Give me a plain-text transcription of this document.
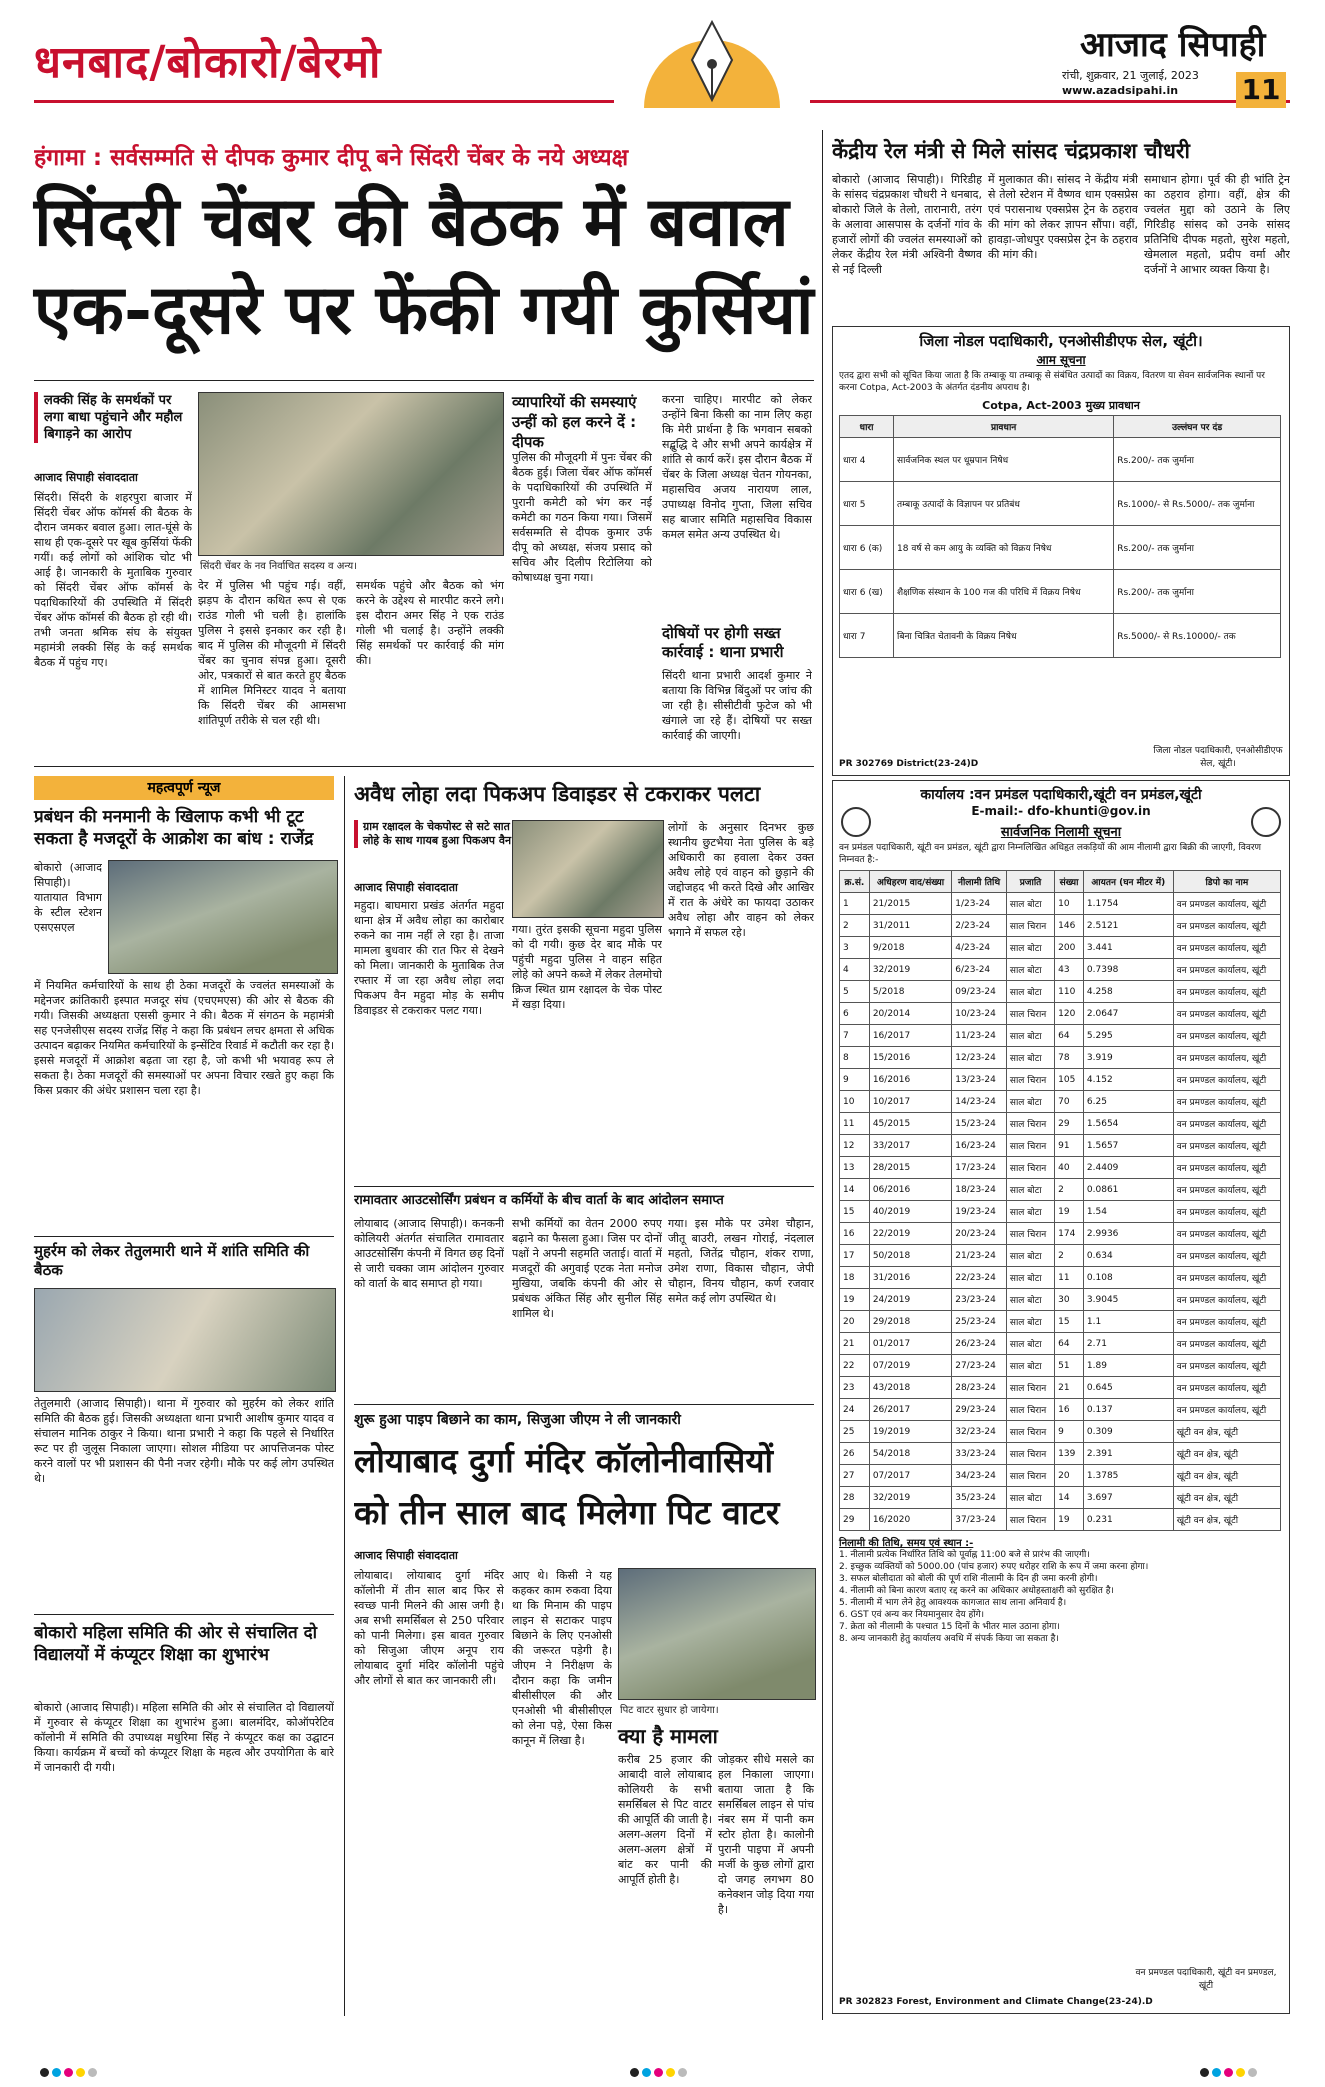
धनबाद/बोकारो/बेरमो	आजाद सिपाही
रांची, शुक्रवार, 21 जुलाई, 2023
www.azadsipahi.in 11
हंगामा : सर्वसम्मति से दीपक कुमार दीपू बने सिंदरी चेंबर के नये अध्यक्ष
सिंदरी चेंबर की बैठक में बवाल
एक-दूसरे पर फेंकी गयी कुर्सियां
लक्की सिंह के समर्थकों पर लगा बाधा पहुंचाने और महौल बिगाड़ने का आरोप
आजाद सिपाही संवाददाता
सिंदरी। सिंदरी के शहरपुरा बाजार में सिंदरी चेंबर ऑफ कॉमर्स की बैठक के दौरान जमकर बवाल हुआ। लात-घूंसे के साथ ही एक-दूसरे पर खूब कुर्सियां फेंकी गयीं। कई लोगों को आंशिक चोट भी आई है। जानकारी के मुताबिक गुरुवार को सिंदरी चेंबर ऑफ कॉमर्स के पदाधिकारियों की उपस्थिति में सिंदरी चेंबर ऑफ कॉमर्स की बैठक हो रही थी। तभी जनता श्रमिक संघ के संयुक्त महामंत्री लक्की सिंह के कई समर्थक बैठक में पहुंच गए।
सिंदरी चेंबर के नव निर्वाचित सदस्य व अन्य।
देर में पुलिस भी पहुंच गई। वहीं, झड़प के दौरान कथित रूप से एक राउंड गोली भी चली है। हालांकि पुलिस ने इससे इनकार कर रही है। बाद में पुलिस की मौजूदगी में सिंदरी चेंबर का चुनाव संपन्न हुआ। दूसरी ओर, पत्रकारों से बात करते हुए बैठक में शामिल मिनिस्टर यादव ने बताया कि सिंदरी चेंबर की आमसभा शांतिपूर्ण तरीके से चल रही थी।
समर्थक पहुंचे और बैठक को भंग करने के उद्देश्य से मारपीट करने लगे। इस दौरान अमर सिंह ने एक राउंड गोली भी चलाई है। उन्होंने लक्की सिंह समर्थकों पर कार्रवाई की मांग की।
व्यापारियों की समस्याएं उन्हीं को हल करने दें : दीपक
पुलिस की मौजूदगी में पुनः चेंबर की बैठक हुई। जिला चेंबर ऑफ कॉमर्स के पदाधिकारियों की उपस्थिति में पुरानी कमेटी को भंग कर नई कमेटी का गठन किया गया। जिसमें सर्वसम्मति से दीपक कुमार उर्फ दीपू को अध्यक्ष, संजय प्रसाद को सचिव और दिलीप रिटोलिया को कोषाध्यक्ष चुना गया।
करना चाहिए। मारपीट को लेकर उन्होंने बिना किसी का नाम लिए कहा कि मेरी प्रार्थना है कि भगवान सबको सद्बुद्धि दे और सभी अपने कार्यक्षेत्र में शांति से कार्य करें। इस दौरान बैठक में चेंबर के जिला अध्यक्ष चेतन गोयनका, महासचिव अजय नारायण लाल, उपाध्यक्ष विनोद गुप्ता, जिला सचिव सह बाजार समिति महासचिव विकास कमल समेत अन्य उपस्थित थे।
दोषियों पर होगी सख्त कार्रवाई : थाना प्रभारी
सिंदरी थाना प्रभारी आदर्श कुमार ने बताया कि विभिन्न बिंदुओं पर जांच की जा रही है। सीसीटीवी फुटेज को भी खंगाले जा रहे हैं। दोषियों पर सख्त कार्रवाई की जाएगी।
महत्वपूर्ण न्यूज
प्रबंधन की मनमानी के खिलाफ कभी भी टूट सकता है मजदूरों के आक्रोश का बांध : राजेंद्र
बोकारो (आजाद सिपाही)। यातायात विभाग के स्टील स्टेशन एसएसएल
में नियमित कर्मचारियों के साथ ही ठेका मजदूरों के ज्वलंत समस्याओं के मद्देनजर क्रांतिकारी इस्पात मजदूर संघ (एचएमएस) की ओर से बैठक की गयी। जिसकी अध्यक्षता एससी कुमार ने की। बैठक में संगठन के महामंत्री सह एनजेसीएस सदस्य राजेंद्र सिंह ने कहा कि प्रबंधन लचर क्षमता से अधिक उत्पादन बढ़ाकर नियमित कर्मचारियों के इन्सेंटिव रिवार्ड में कटौती कर रहा है। इससे मजदूरों में आक्रोश बढ़ता जा रहा है, जो कभी भी भयावह रूप ले सकता है। ठेका मजदूरों की समस्याओं पर अपना विचार रखते हुए कहा कि किस प्रकार की अंधेर प्रशासन चला रहा है।
मुहर्रम को लेकर तेतुलमारी थाने में शांति समिति की बैठक
तेतुलमारी (आजाद सिपाही)। थाना में गुरुवार को मुहर्रम को लेकर शांति समिति की बैठक हुई। जिसकी अध्यक्षता थाना प्रभारी आशीष कुमार यादव व संचालन मानिक ठाकुर ने किया। थाना प्रभारी ने कहा कि पहले से निर्धारित रूट पर ही जुलूस निकाला जाएगा। सोशल मीडिया पर आपत्तिजनक पोस्ट करने वालों पर भी प्रशासन की पैनी नजर रहेगी। मौके पर कई लोग उपस्थित थे।
बोकारो महिला समिति की ओर से संचालित दो विद्यालयों में कंप्यूटर शिक्षा का शुभारंभ
बोकारो (आजाद सिपाही)। महिला समिति की ओर से संचालित दो विद्यालयों में गुरुवार से कंप्यूटर शिक्षा का शुभारंभ हुआ। बालमंदिर, कोऑपरेटिव कॉलोनी में समिति की उपाध्यक्ष मधुरिमा सिंह ने कंप्यूटर कक्ष का उद्घाटन किया। कार्यक्रम में बच्चों को कंप्यूटर शिक्षा के महत्व और उपयोगिता के बारे में जानकारी दी गयी।
अवैध लोहा लदा पिकअप डिवाइडर से टकराकर पलटा
ग्राम रक्षादल के चेकपोस्ट से सटे सात लोहे के साथ गायब हुआ पिकअप वैन
आजाद सिपाही संवाददाता
महुदा। बाघमारा प्रखंड अंतर्गत महुदा थाना क्षेत्र में अवैध लोहा का कारोबार रुकने का नाम नहीं ले रहा है। ताजा मामला बुधवार की रात फिर से देखने को मिला। जानकारी के मुताबिक तेज रफ्तार में जा रहा अवैध लोहा लदा पिकअप वैन महुदा मोड़ के समीप डिवाइडर से टकराकर पलट गया।
गया। तुरंत इसकी सूचना महुदा पुलिस को दी गयी। कुछ देर बाद मौके पर पहुंची महुदा पुलिस ने वाहन सहित लोहे को अपने कब्जे में लेकर तेलमोचो क्रिज स्थित ग्राम रक्षादल के चेक पोस्ट में खड़ा दिया।
लोगों के अनुसार दिनभर कुछ स्थानीय छुटभैया नेता पुलिस के बड़े अधिकारी का हवाला देकर उक्त अवैध लोहे एवं वाहन को छुड़ाने की जद्दोजहद भी करते दिखे और आखिर में रात के अंधेरे का फायदा उठाकर अवैध लोहा और वाहन को लेकर भगाने में सफल रहे।
रामावतार आउटसोर्सिंग प्रबंधन व कर्मियों के बीच वार्ता के बाद आंदोलन समाप्त
लोयाबाद (आजाद सिपाही)। कनकनी कोलियरी अंतर्गत संचालित रामावतार आउटसोर्सिंग कंपनी में विगत छह दिनों से जारी चक्का जाम आंदोलन गुरुवार को वार्ता के बाद समाप्त हो गया।
सभी कर्मियों का वेतन 2000 रुपए बढ़ाने का फैसला हुआ। जिस पर दोनों पक्षों ने अपनी सहमति जताई। वार्ता में मजदूरों की अगुवाई एटक नेता मनोज मुखिया, जबकि कंपनी की ओर से प्रबंधक अंकित सिंह और सुनील सिंह शामिल थे।
गया। इस मौके पर उमेश चौहान, जीतू बाउरी, लखन गोराई, नंदलाल महतो, जितेंद्र चौहान, शंकर राणा, उमेश राणा, विकास चौहान, जेपी चौहान, विनय चौहान, कर्ण रजवार समेत कई लोग उपस्थित थे।
शुरू हुआ पाइप बिछाने का काम, सिजुआ जीएम ने ली जानकारी
लोयाबाद दुर्गा मंदिर कॉलोनीवासियों
को तीन साल बाद मिलेगा पिट वाटर
आजाद सिपाही संवाददाता
लोयाबाद। लोयाबाद दुर्गा मंदिर कॉलोनी में तीन साल बाद फिर से स्वच्छ पानी मिलने की आस जगी है। अब सभी समर्सिबल से 250 परिवार को पानी मिलेगा। इस बावत गुरुवार को सिजुआ जीएम अनूप राय लोयाबाद दुर्गा मंदिर कॉलोनी पहुंचे और लोगों से बात कर जानकारी ली।
आए थे। किसी ने यह कहकर काम रुकवा दिया था कि मिनाम की पाइप लाइन से सटाकर पाइप बिछाने के लिए एनओसी की जरूरत पड़ेगी है। जीएम ने निरीक्षण के दौरान कहा कि जमीन बीसीसीएल की और एनओसी भी बीसीसीएल को लेना पड़े, ऐसा किस कानून में लिखा है।
पिट वाटर सुधार हो जायेगा।
क्या है मामला
करीब 25 हजार की आबादी वाले लोयाबाद कोलियरी के सभी समर्सिबल से पिट वाटर की आपूर्ति की जाती है। अलग-अलग दिनों में अलग-अलग क्षेत्रों में बांट कर पानी की आपूर्ति होती है।
जोड़कर सीधे मसले का हल निकाला जाएगा। बताया जाता है कि समर्सिबल लाइन से पांच नंबर सम में पानी कम स्टोर होता है। कालोनी पुरानी पाइपा में अपनी मर्जी के कुछ लोगों द्वारा दो जगह लगभग 80 कनेक्शन जोड़ दिया गया है।
केंद्रीय रेल मंत्री से मिले सांसद चंद्रप्रकाश चौधरी
बोकारो (आजाद सिपाही)। गिरिडीह के सांसद चंद्रप्रकाश चौधरी ने धनबाद, बोकारो जिले के तेलो, तारानारी, तरंग के अलावा आसपास के दर्जनों गांव के हजारों लोगों की ज्वलंत समस्याओं को लेकर केंद्रीय रेल मंत्री अश्विनी वैष्णव से नई दिल्ली
में मुलाकात की। सांसद ने केंद्रीय मंत्री से तेलो स्टेशन में वैष्णव धाम एक्सप्रेस एवं परासनाथ एक्सप्रेस ट्रेन के ठहराव की मांग को लेकर ज्ञापन सौंपा। वहीं, हावड़ा-जोधपुर एक्सप्रेस ट्रेन के ठहराव की मांग की।
समाधान होगा। पूर्व की ही भांति ट्रेन का ठहराव होगा। वहीं, क्षेत्र की ज्वलंत मुद्दा को उठाने के लिए गिरिडीह सांसद को उनके सांसद प्रतिनिधि दीपक महतो, सुरेश महतो, खेमलाल महतो, प्रदीप वर्मा और दर्जनों ने आभार व्यक्त किया है।
जिला नोडल पदाधिकारी, एनओसीडीएफ सेल, खूंटी।
आम सूचना
एतद द्वारा सभी को सूचित किया जाता है कि तम्बाकू या तम्बाकू से संबंधित उत्पादों का विक्रय, वितरण या सेवन सार्वजनिक स्थानों पर करना Cotpa, Act-2003 के अंतर्गत दंडनीय अपराध है।
Cotpa, Act-2003 मुख्य प्रावधान
धारा	प्रावधान	उल्लंघन पर दंड
धारा 4	सार्वजनिक स्थल पर धूम्रपान निषेध	Rs.200/- तक जुर्माना
धारा 5	तम्बाकू उत्पादों के विज्ञापन पर प्रतिबंध	Rs.1000/- से Rs.5000/- तक जुर्माना
धारा 6 (क)	18 वर्ष से कम आयु के व्यक्ति को विक्रय निषेध	Rs.200/- तक जुर्माना
धारा 6 (ख)	शैक्षणिक संस्थान के 100 गज की परिधि में विक्रय निषेध	Rs.200/- तक जुर्माना
धारा 7	बिना चित्रित चेतावनी के विक्रय निषेध	Rs.5000/- से Rs.10000/- तक
PR 302769 District(23-24)D
जिला नोडल पदाधिकारी, एनओसीडीएफ सेल, खूंटी।
कार्यालय :वन प्रमंडल पदाधिकारी,खूंटी वन प्रमंडल,खूंटी
E-mail:- dfo-khunti@gov.in
सार्वजनिक निलामी सूचना
वन प्रमंडल पदाधिकारी, खूंटी वन प्रमंडल, खूंटी द्वारा निम्नलिखित अधिहृत लकड़ियों की आम नीलामी द्वारा बिक्री की जाएगी, विवरण निम्नवत है:-
क्र.सं.	अधिहरण वाद/संख्या	नीलामी तिथि	प्रजाति	संख्या	आयतन (घन मीटर में)	डिपो का नाम
1	21/2015	1/23-24	साल बोटा	10	1.1754	वन प्रमण्डल कार्यालय, खूंटी
2	31/2011	2/23-24	साल चिरान	146	2.5121	वन प्रमण्डल कार्यालय, खूंटी
3	9/2018	4/23-24	साल बोटा	200	3.441	वन प्रमण्डल कार्यालय, खूंटी
4	32/2019	6/23-24	साल बोटा	43	0.7398	वन प्रमण्डल कार्यालय, खूंटी
5	5/2018	09/23-24	साल बोटा	110	4.258	वन प्रमण्डल कार्यालय, खूंटी
6	20/2014	10/23-24	साल चिरान	120	2.0647	वन प्रमण्डल कार्यालय, खूंटी
7	16/2017	11/23-24	साल बोटा	64	5.295	वन प्रमण्डल कार्यालय, खूंटी
8	15/2016	12/23-24	साल बोटा	78	3.919	वन प्रमण्डल कार्यालय, खूंटी
9	16/2016	13/23-24	साल चिरान	105	4.152	वन प्रमण्डल कार्यालय, खूंटी
10	10/2017	14/23-24	साल बोटा	70	6.25	वन प्रमण्डल कार्यालय, खूंटी
11	45/2015	15/23-24	साल चिरान	29	1.5654	वन प्रमण्डल कार्यालय, खूंटी
12	33/2017	16/23-24	साल चिरान	91	1.5657	वन प्रमण्डल कार्यालय, खूंटी
13	28/2015	17/23-24	साल चिरान	40	2.4409	वन प्रमण्डल कार्यालय, खूंटी
14	06/2016	18/23-24	साल बोटा	2	0.0861	वन प्रमण्डल कार्यालय, खूंटी
15	40/2019	19/23-24	साल बोटा	19	1.54	वन प्रमण्डल कार्यालय, खूंटी
16	22/2019	20/23-24	साल चिरान	174	2.9936	वन प्रमण्डल कार्यालय, खूंटी
17	50/2018	21/23-24	साल बोटा	2	0.634	वन प्रमण्डल कार्यालय, खूंटी
18	31/2016	22/23-24	साल बोटा	11	0.108	वन प्रमण्डल कार्यालय, खूंटी
19	24/2019	23/23-24	साल बोटा	30	3.9045	वन प्रमण्डल कार्यालय, खूंटी
20	29/2018	25/23-24	साल बोटा	15	1.1	वन प्रमण्डल कार्यालय, खूंटी
21	01/2017	26/23-24	साल बोटा	64	2.71	वन प्रमण्डल कार्यालय, खूंटी
22	07/2019	27/23-24	साल बोटा	51	1.89	वन प्रमण्डल कार्यालय, खूंटी
23	43/2018	28/23-24	साल चिरान	21	0.645	वन प्रमण्डल कार्यालय, खूंटी
24	26/2017	29/23-24	साल चिरान	16	0.137	वन प्रमण्डल कार्यालय, खूंटी
25	19/2019	32/23-24	साल चिरान	9	0.309	खूंटी वन क्षेत्र, खूंटी
26	54/2018	33/23-24	साल चिरान	139	2.391	खूंटी वन क्षेत्र, खूंटी
27	07/2017	34/23-24	साल चिरान	20	1.3785	खूंटी वन क्षेत्र, खूंटी
28	32/2019	35/23-24	साल बोटा	14	3.697	खूंटी वन क्षेत्र, खूंटी
29	16/2020	37/23-24	साल चिरान	19	0.231	खूंटी वन क्षेत्र, खूंटी
निलामी की तिथि, समय एवं स्थान :-
1. नीलामी प्रत्येक निर्धारित तिथि को पूर्वाह्न 11:00 बजे से प्रारंभ की जाएगी।
2. इच्छुक व्यक्तियों को 5000.00 (पांच हजार) रुपए धरोहर राशि के रूप में जमा करना होगा।
3. सफल बोलीदाता को बोली की पूर्ण राशि नीलामी के दिन ही जमा करनी होगी।
4. नीलामी को बिना कारण बताए रद्द करने का अधिकार अधोहस्ताक्षरी को सुरक्षित है।
5. नीलामी में भाग लेने हेतु आवश्यक कागजात साथ लाना अनिवार्य है।
6. GST एवं अन्य कर नियमानुसार देय होंगे।
7. क्रेता को नीलामी के पश्चात 15 दिनों के भीतर माल उठाना होगा।
8. अन्य जानकारी हेतु कार्यालय अवधि में संपर्क किया जा सकता है।
वन प्रमण्डल पदाधिकारी, खूंटी वन प्रमण्डल, खूंटी
PR 302823 Forest, Environment and Climate Change(23-24).D
